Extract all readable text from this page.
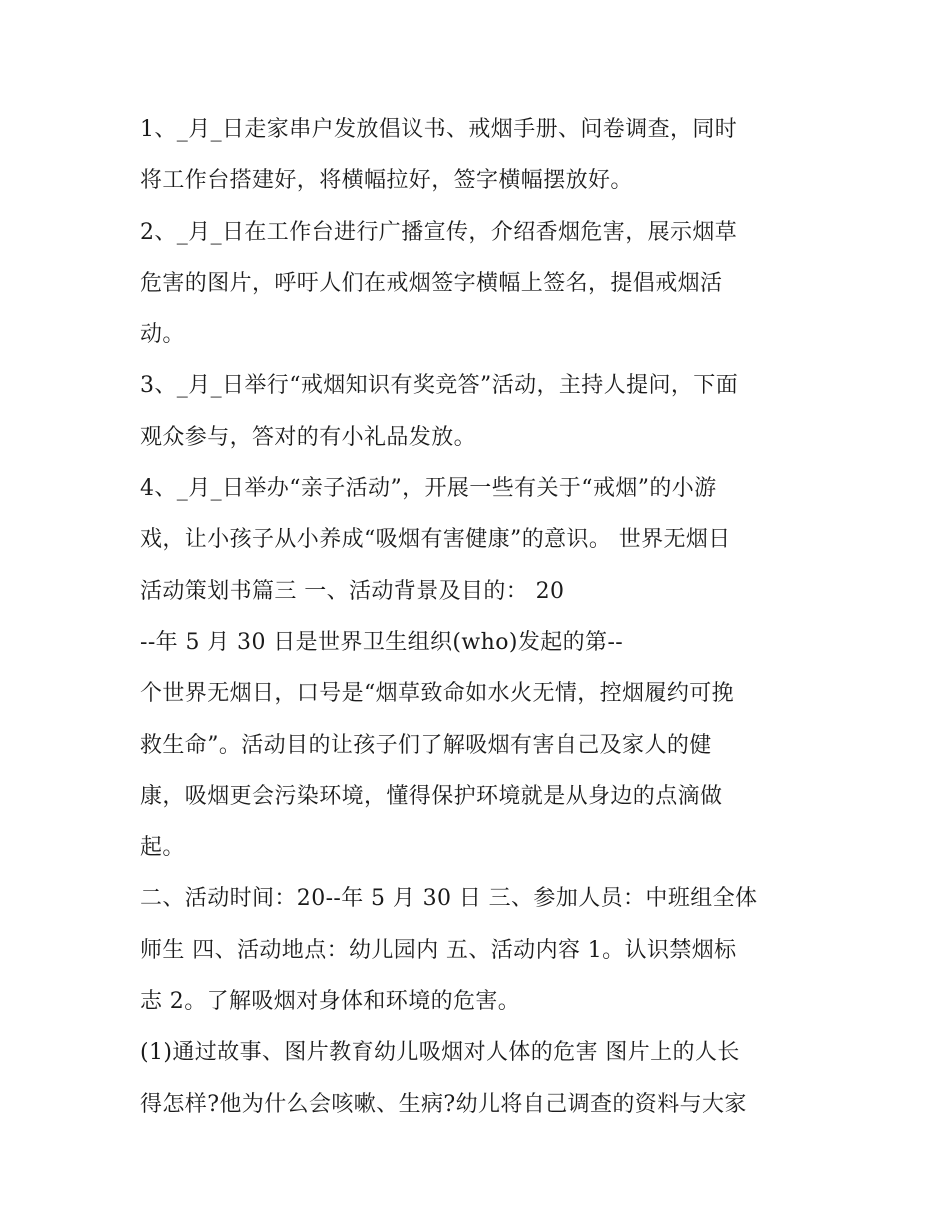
1、_月_日走家串户发放倡议书、戒烟手册、问卷调查，同时
将工作台搭建好，将横幅拉好，签字横幅摆放好。
2、_月_日在工作台进行广播宣传，介绍香烟危害，展示烟草
危害的图片，呼吁人们在戒烟签字横幅上签名，提倡戒烟活
动。
3、_月_日举行“戒烟知识有奖竞答”活动，主持人提问，下面
观众参与，答对的有小礼品发放。
4、_月_日举办“亲子活动”，开展一些有关于“戒烟”的小游
戏，让小孩子从小养成“吸烟有害健康”的意识。 世界无烟日
活动策划书篇三 一、活动背景及目的： 20
--年 5 月 30 日是世界卫生组织(who)发起的第--
个世界无烟日，口号是“烟草致命如水火无情，控烟履约可挽
救生命”。活动目的让孩子们了解吸烟有害自己及家人的健
康，吸烟更会污染环境，懂得保护环境就是从身边的点滴做
起。
二、活动时间：20--年 5 月 30 日 三、参加人员：中班组全体
师生 四、活动地点：幼儿园内 五、活动内容 1。认识禁烟标
志 2。了解吸烟对身体和环境的危害。
(1)通过故事、图片教育幼儿吸烟对人体的危害 图片上的人长
得怎样?他为什么会咳嗽、生病?幼儿将自己调查的资料与大家
